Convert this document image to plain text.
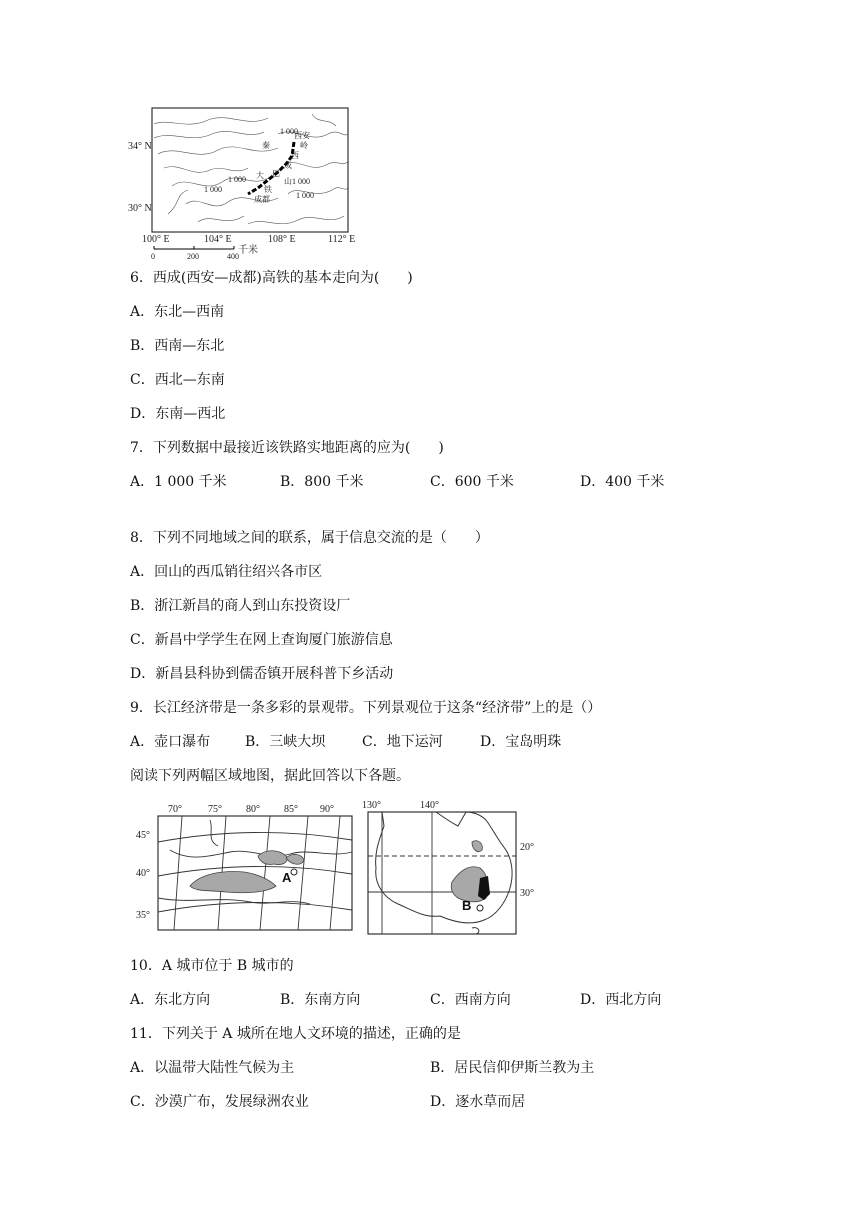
西安
秦	岭
西
成
大 巴
山
成都
铁
1 000
1 000
1 000
1 000
1 000
34° N
30° N
100° E	104° E	108° E	112° E
0	200	400
千米
6．西成(西安—成都)高铁的基本走向为(　　)
A．东北—西南
B．西南—东北
C．西北—东南
D．东南—西北
7．下列数据中最接近该铁路实地距离的应为(　　)
A．1 000 千米	B．800 千米	C．600 千米	D．400 千米
8．下列不同地域之间的联系，属于信息交流的是（　　）
A．回山的西瓜销往绍兴各市区
B．浙江新昌的商人到山东投资设厂
C．新昌中学学生在网上查询厦门旅游信息
D．新昌县科协到儒岙镇开展科普下乡活动
9．长江经济带是一条多彩的景观带。下列景观位于这条“经济带”上的是（）
A．壶口瀑布 B．三峡大坝	C．地下运河	D．宝岛明珠
阅读下列两幅区域地图，据此回答以下各题。
A
70°	75° 80° 85° 90°
45°
40°
35°
B
130°	140°
20°
30°
10．A 城市位于 B 城市的
A．东北方向	B．东南方向	C．西南方向	D．西北方向
11．下列关于 A 城所在地人文环境的描述，正确的是
A．以温带大陆性气候为主	B．居民信仰伊斯兰教为主
C．沙漠广布，发展绿洲农业	D．逐水草而居
